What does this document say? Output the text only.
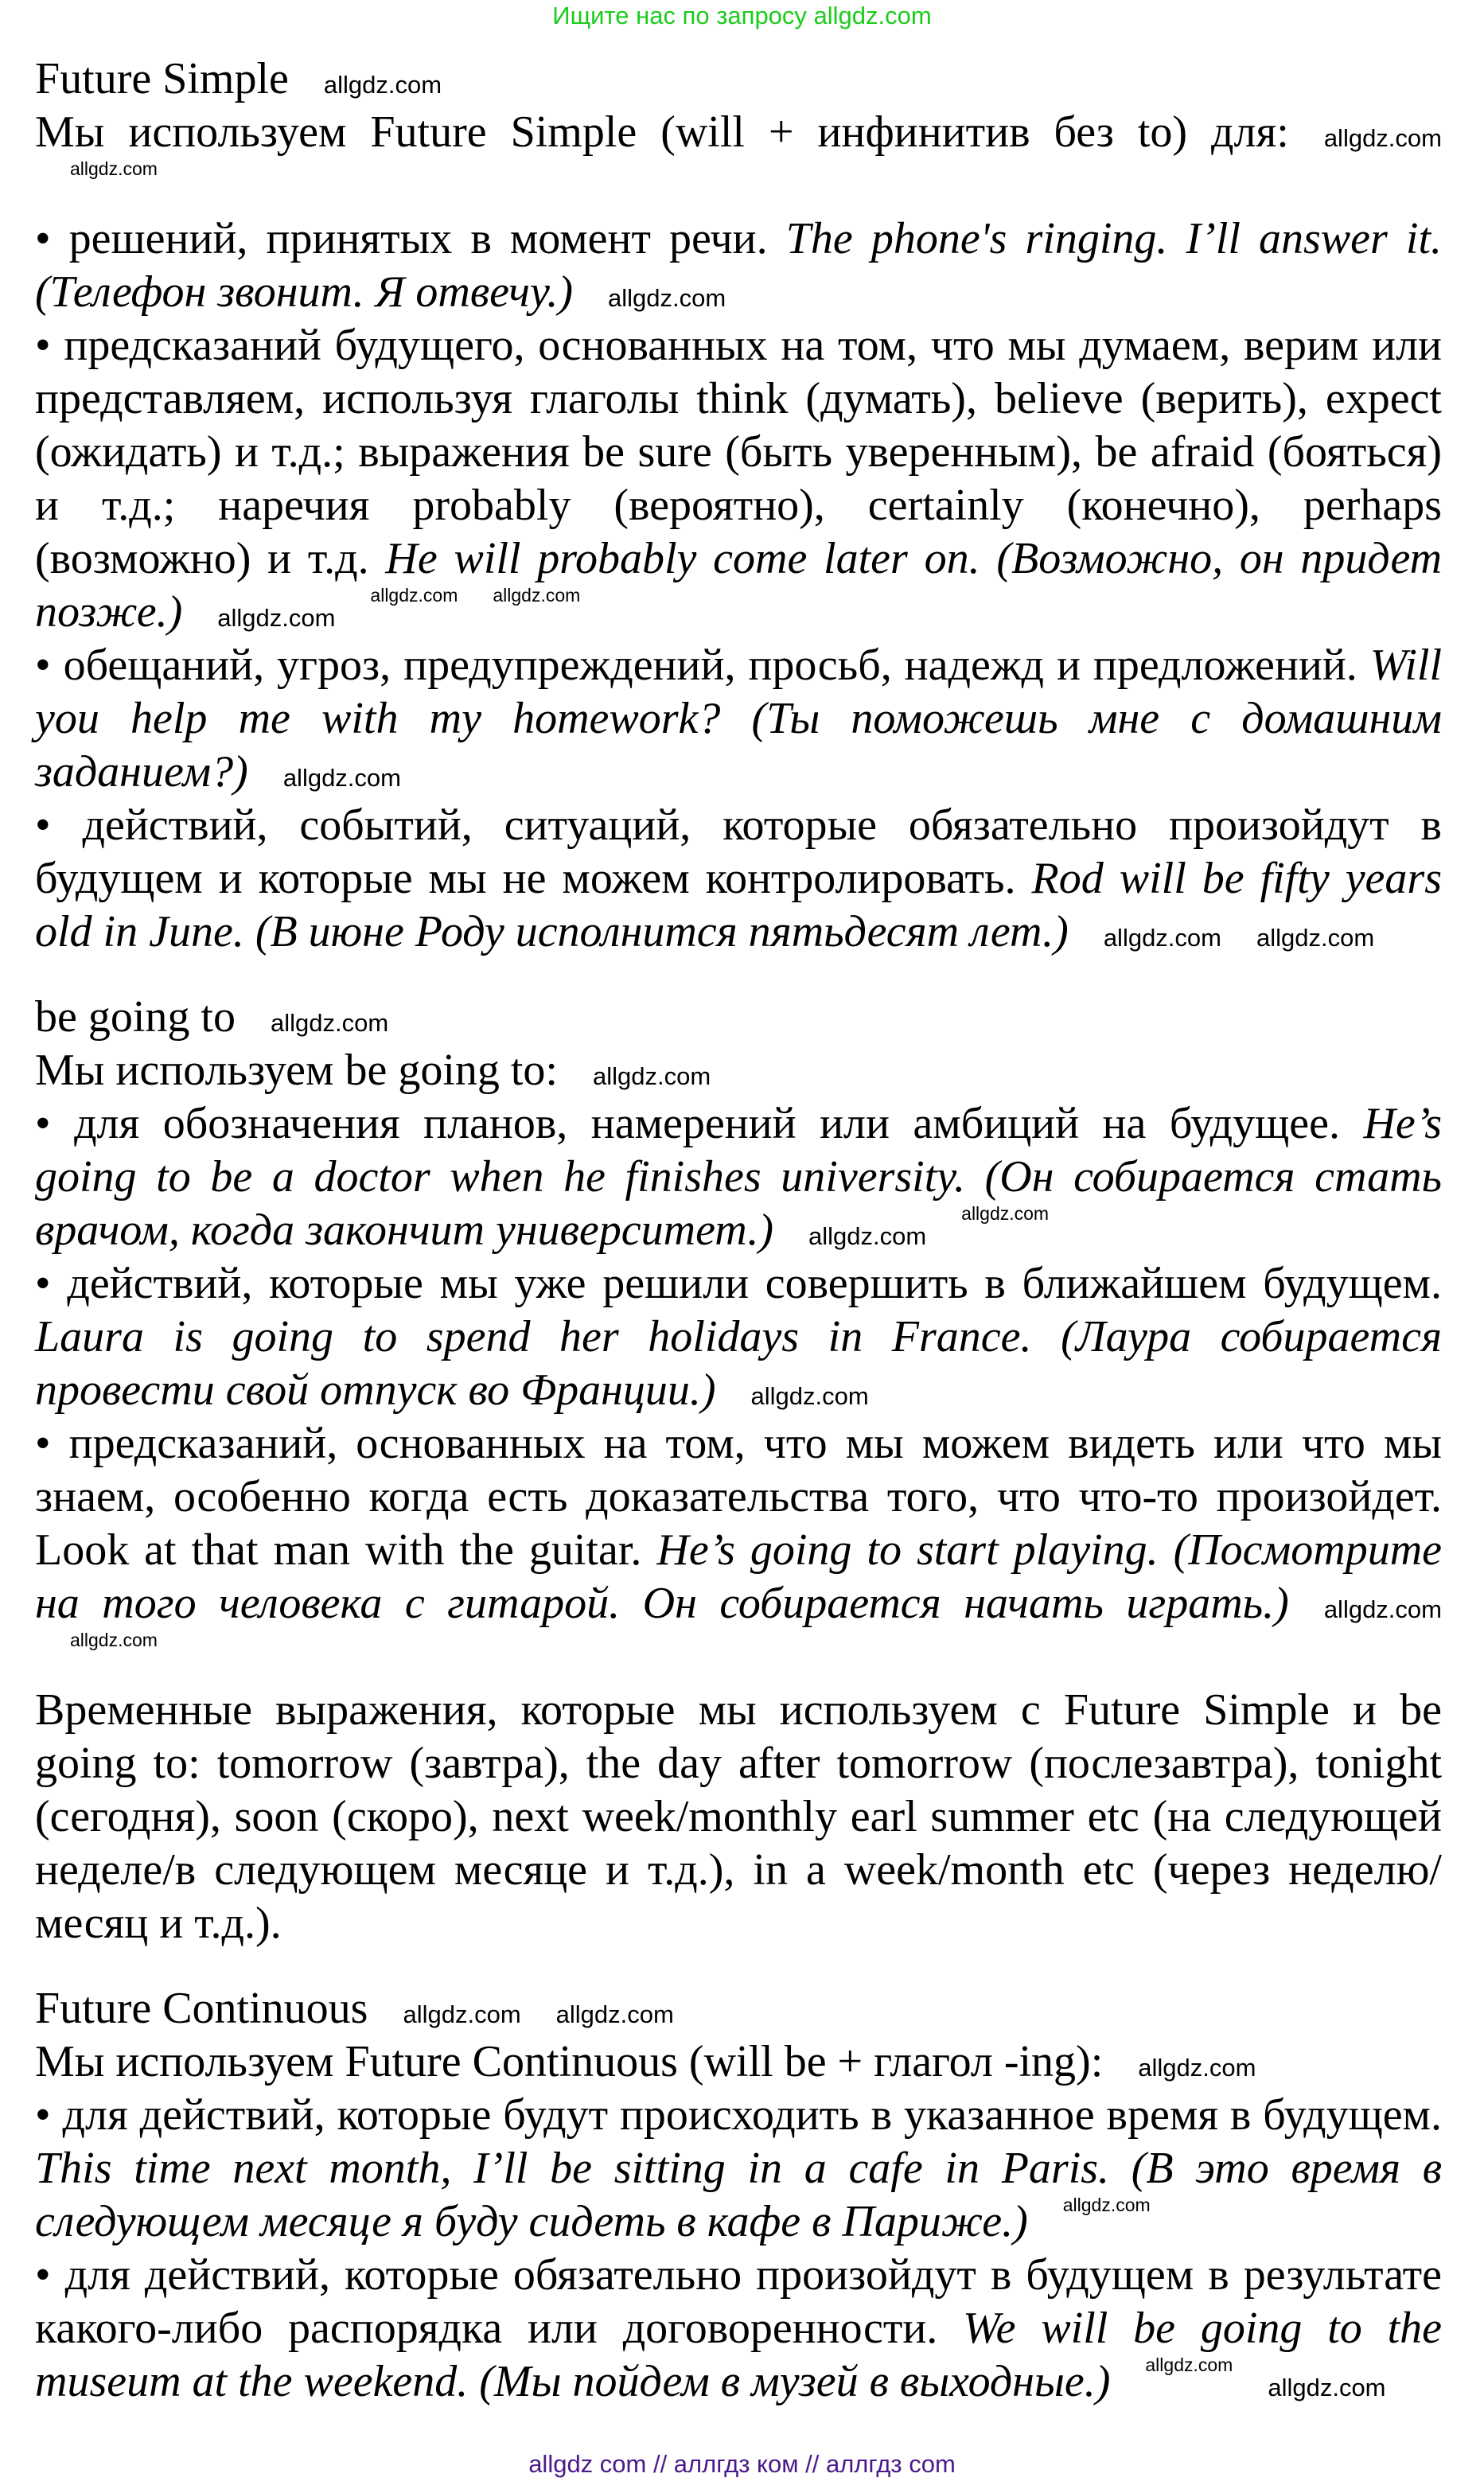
Ищите нас по запросу allgdz.com
Future Simple allgdz.com

Мы используем Future Simple (will + инфинитив без to) для: allgdz.comallgdz.com

• решений, принятых в момент речи. The phone's ringing. I’ll answer it. (Телефон звонит. Я отвечу.) allgdz.com

• предсказаний будущего, основанных на том, что мы думаем, верим или представляем, используя глаголы think (думать), believe (верить), expect (ожидать) и т.д.; выражения be sure (быть уверенным), be afraid (бояться) и т.д.; наречия probably (вероятно), certainly (конечно), perhaps (возможно) и т.д. He will probably come later on. (Возможно, он придет позже.) allgdz.comallgdz.com allgdz.com

• обещаний, угроз, предупреждений, просьб, надежд и предложений. Will you help me with my homework? (Ты поможешь мне с домашним заданием?) allgdz.com

• действий, событий, ситуаций, которые обязательно произойдут в будущем и которые мы не можем контролировать. Rod will be fifty years old in June. (В июне Роду исполнится пятьдесят лет.) allgdz.com allgdz.com

be going to allgdz.com

Мы используем be going to: allgdz.com

• для обозначения планов, намерений или амбиций на будущее. He’s going to be a doctor when he finishes university. (Он собирается стать врачом, когда закончит университет.) allgdz.comallgdz.com

• действий, которые мы уже решили совершить в ближайшем будущем. Laura is going to spend her holidays in France. (Лаура собирается провести свой отпуск во Франции.) allgdz.com

• предсказаний, основанных на том, что мы можем видеть или что мы знаем, особенно когда есть доказательства того, что что-то произойдет. Look at that man with the guitar. He’s going to start playing. (Посмотрите на того человека с гитарой. Он собирается начать играть.) allgdz.comallgdz.com

Временные выражения, которые мы используем с Future Simple и be going to: tomorrow (завтра), the day after tomorrow (послезавтра), tonight (сегодня), soon (скоро), next week/monthly earl summer etc (на следующей неделе/в следующем месяце и т.д.), in a week/month etc (через неделю/месяц и т.д.).

Future Continuous allgdz.com allgdz.com

Мы используем Future Continuous (will be + глагол -ing): allgdz.com

• для действий, которые будут происходить в указанное время в будущем. This time next month, I’ll be sitting in a cafe in Paris. (В это время в следующем месяце я буду сидеть в кафе в Париже.) allgdz.com

• для действий, которые обязательно произойдут в будущем в результате какого-либо распорядка или договоренности. We will be going to the museum at the weekend. (Мы пойдем в музей в выходные.) allgdz.comallgdz.com

allgdz com // аллгдз ком // аллгдз com
